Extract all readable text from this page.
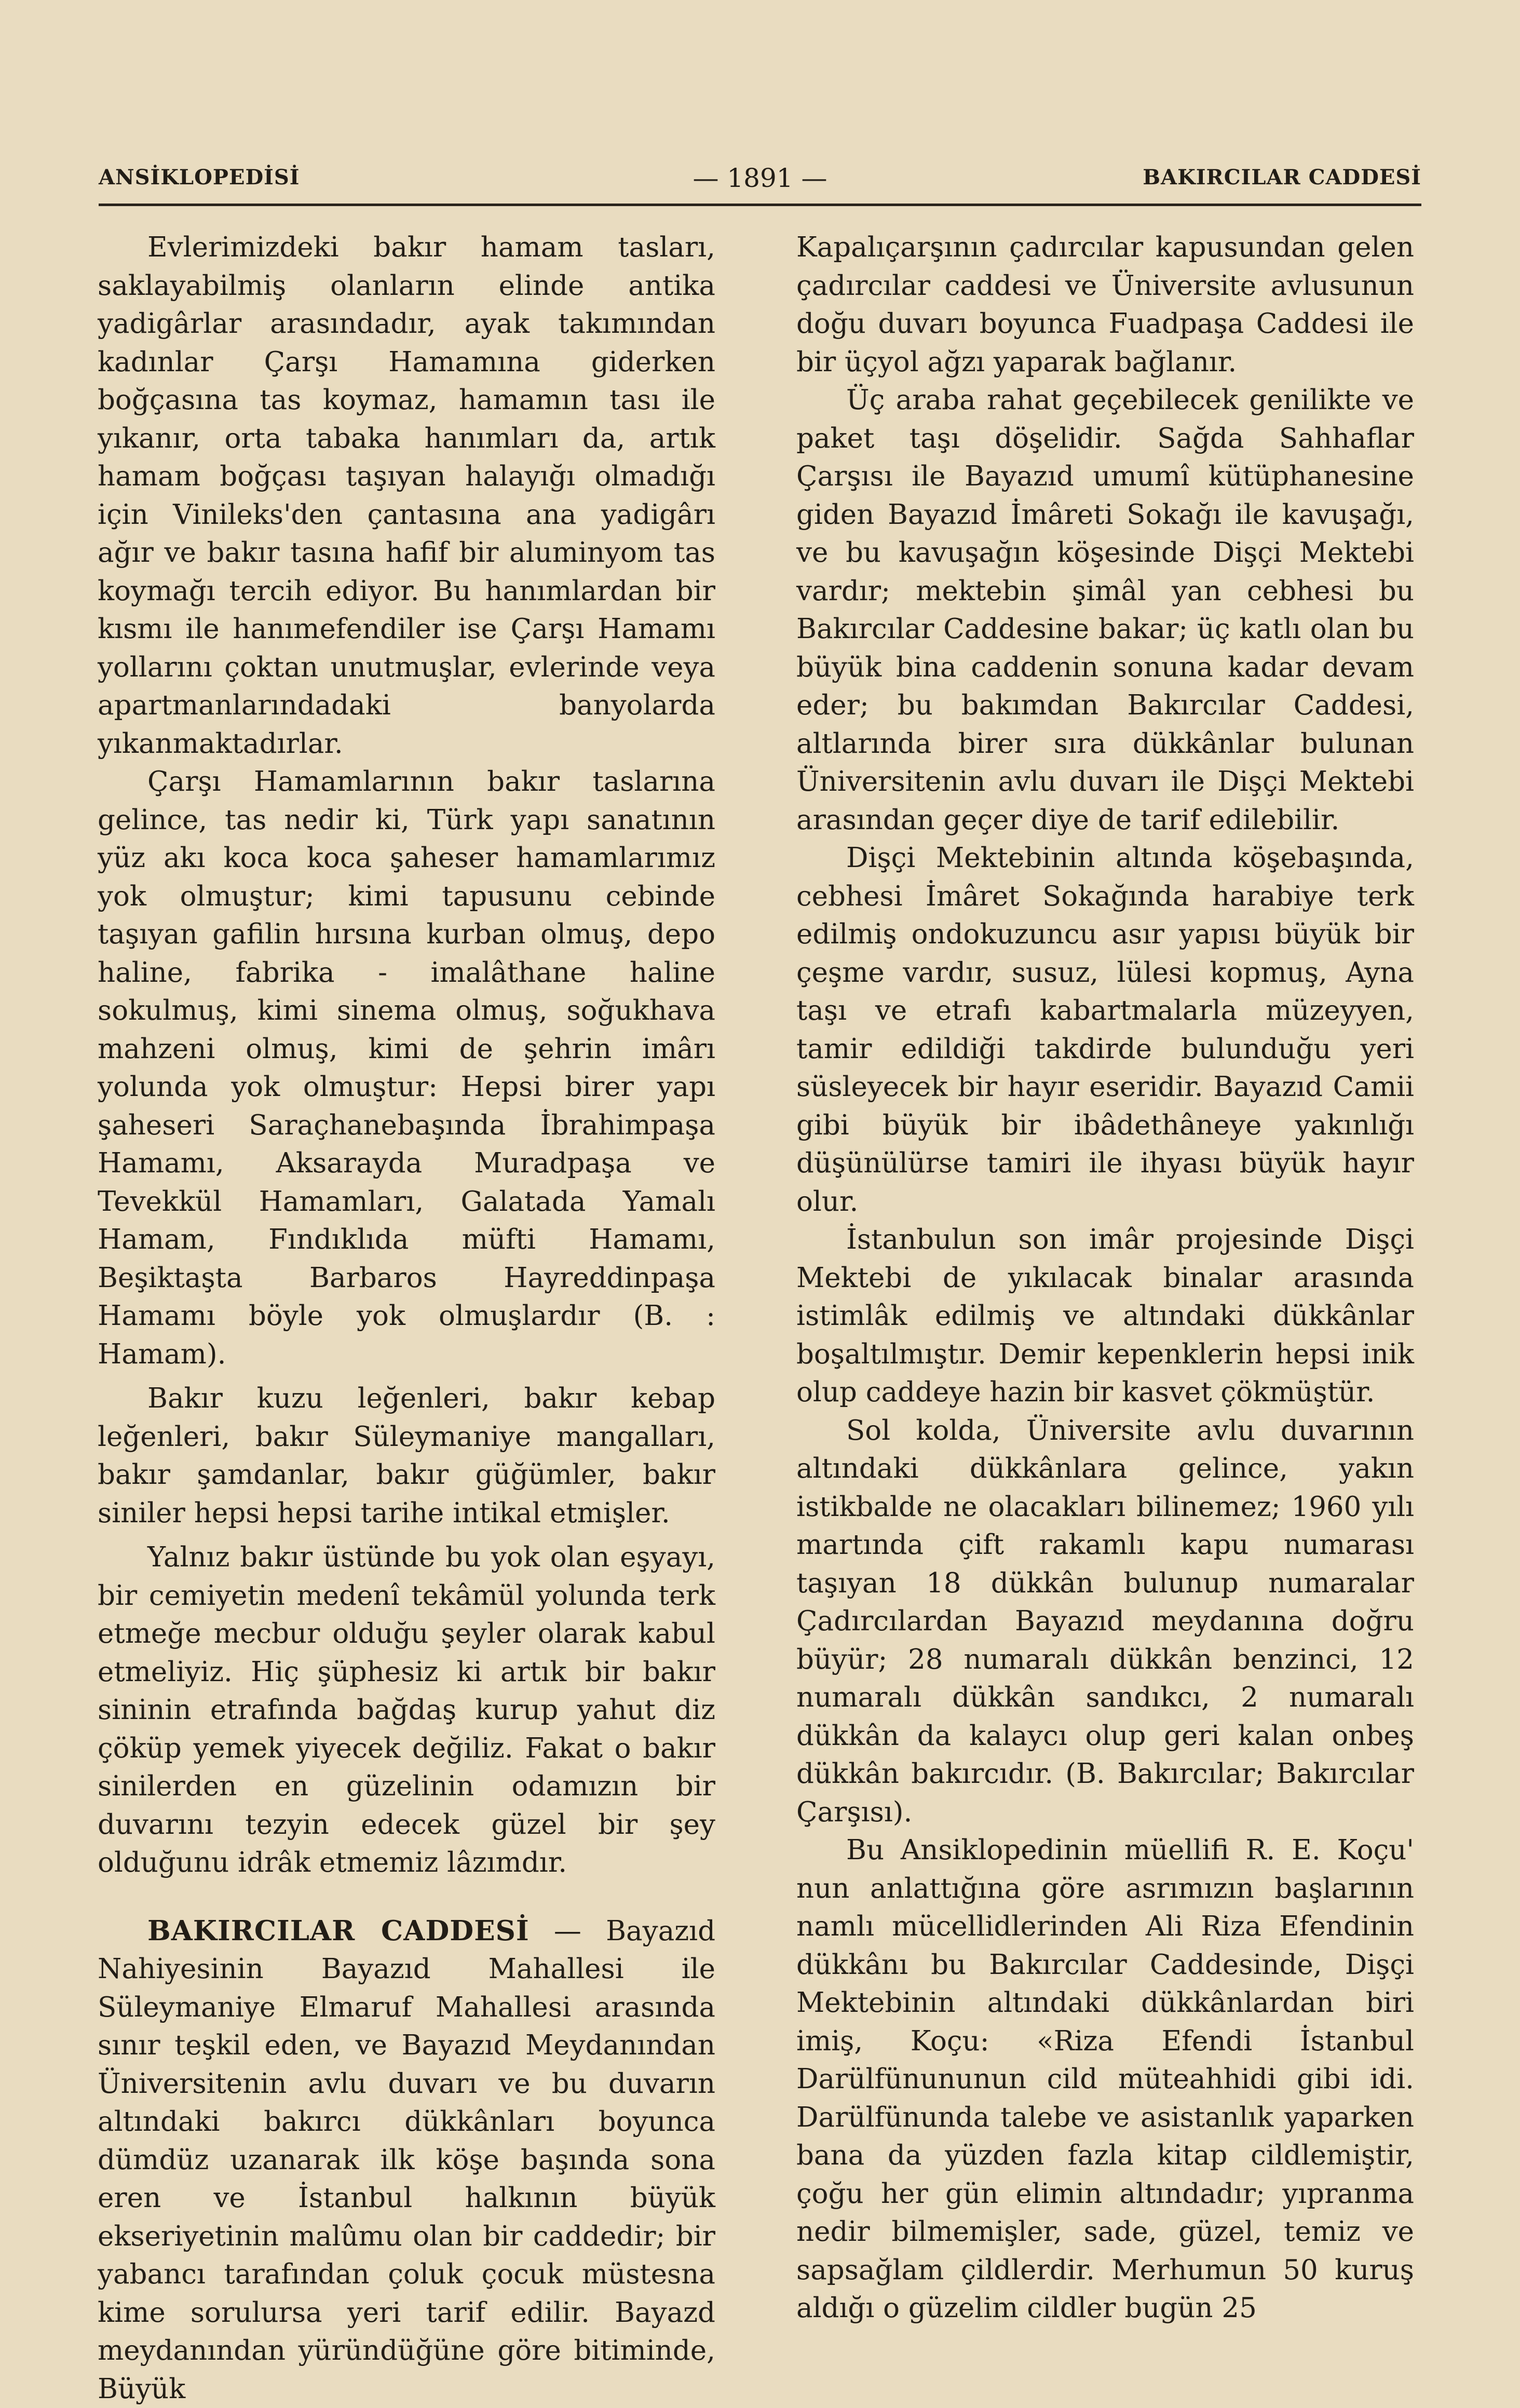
ANSİKLOPEDİSİ	— 1891 —	BAKIRCILAR CADDESİ

Evlerimizdeki bakır hamam tasları, saklayabilmiş olanların elinde antika yadigârlar arasındadır, ayak takımından kadınlar Çarşı Hamamına giderken boğçasına tas koymaz, hamamın tası ile yıkanır, orta tabaka hanımları da, artık hamam boğçası taşıyan halayığı olmadığı için Vinileks'den çantasına ana yadigârı ağır ve bakır tasına hafif bir aluminyom tas koymağı tercih ediyor. Bu hanımlardan bir kısmı ile hanımefendiler ise Çarşı Hamamı yollarını çoktan unutmuşlar, evlerinde veya apartmanlarındadaki banyolarda yıkanmaktadırlar.

Çarşı Hamamlarının bakır taslarına gelince, tas nedir ki, Türk yapı sanatının yüz akı koca koca şaheser hamamlarımız yok olmuştur; kimi tapusunu cebinde taşıyan gafilin hırsına kurban olmuş, depo haline, fabrika - imalâthane haline sokulmuş, kimi sinema olmuş, soğukhava mahzeni olmuş, kimi de şehrin imârı yolunda yok olmuştur: Hepsi birer yapı şaheseri Saraçhanebaşında İbrahimpaşa Hamamı, Aksarayda Muradpaşa ve Tevekkül Hamamları, Galatada Yamalı Hamam, Fındıklıda müfti Hamamı, Beşiktaşta Barbaros Hayreddinpaşa Hamamı böyle yok olmuşlardır (B. : Hamam).

Bakır kuzu leğenleri, bakır kebap leğenleri, bakır Süleymaniye mangalları, bakır şamdanlar, bakır güğümler, bakır siniler hepsi hepsi tarihe intikal etmişler.

Yalnız bakır üstünde bu yok olan eşyayı, bir cemiyetin medenî tekâmül yolunda terk etmeğe mecbur olduğu şeyler olarak kabul etmeliyiz. Hiç şüphesiz ki artık bir bakır sininin etrafında bağdaş kurup yahut diz çöküp yemek yiyecek değiliz. Fakat o bakır sinilerden en güzelinin odamızın bir duvarını tezyin edecek güzel bir şey olduğunu idrâk etmemiz lâzımdır.

BAKIRCILAR CADDESİ — Bayazıd Nahiyesinin Bayazıd Mahallesi ile Süleymaniye Elmaruf Mahallesi arasında sınır teşkil eden, ve Bayazıd Meydanından Üniversitenin avlu duvarı ve bu duvarın altındaki bakırcı dükkânları boyunca dümdüz uzanarak ilk köşe başında sona eren ve İstanbul halkının büyük ekseriyetinin malûmu olan bir caddedir; bir yabancı tarafından çoluk çocuk müstesna kime sorulursa yeri tarif edilir. Bayazd meydanından yüründüğüne göre bitiminde, Büyük

Kapalıçarşının çadırcılar kapusundan gelen çadırcılar caddesi ve Üniversite avlusunun doğu duvarı boyunca Fuadpaşa Caddesi ile bir üçyol ağzı yaparak bağlanır.

Üç araba rahat geçebilecek genilikte ve paket taşı döşelidir. Sağda Sahhaflar Çarşısı ile Bayazıd umumî kütüphanesine giden Bayazıd İmâreti Sokağı ile kavuşağı, ve bu kavuşağın köşesinde Dişçi Mektebi vardır; mektebin şimâl yan cebhesi bu Bakırcılar Caddesine bakar; üç katlı olan bu büyük bina caddenin sonuna kadar devam eder; bu bakımdan Bakırcılar Caddesi, altlarında birer sıra dükkânlar bulunan Üniversitenin avlu duvarı ile Dişçi Mektebi arasından geçer diye de tarif edilebilir.

Dişçi Mektebinin altında köşebaşında, cebhesi İmâret Sokağında harabiye terk edilmiş ondokuzuncu asır yapısı büyük bir çeşme vardır, susuz, lülesi kopmuş, Ayna taşı ve etrafı kabartmalarla müzeyyen, tamir edildiği takdirde bulunduğu yeri süsleyecek bir hayır eseridir. Bayazıd Camii gibi büyük bir ibâdethâneye yakınlığı düşünülürse tamiri ile ihyası büyük hayır olur.

İstanbulun son imâr projesinde Dişçi Mektebi de yıkılacak binalar arasında istimlâk edilmiş ve altındaki dükkânlar boşaltılmıştır. Demir kepenklerin hepsi inik olup caddeye hazin bir kasvet çökmüştür.

Sol kolda, Üniversite avlu duvarının altındaki dükkânlara gelince, yakın istikbalde ne olacakları bilinemez; 1960 yılı martında çift rakamlı kapu numarası taşıyan 18 dükkân bulunup numaralar Çadırcılardan Bayazıd meydanına doğru büyür; 28 numaralı dükkân benzinci, 12 numaralı dükkân sandıkcı, 2 numaralı dükkân da kalaycı olup geri kalan onbeş dükkân bakırcıdır. (B. Bakırcılar; Bakırcılar Çarşısı).

Bu Ansiklopedinin müellifi R. E. Koçu' nun anlattığına göre asrımızın başlarının namlı mücellidlerinden Ali Riza Efendinin dükkânı bu Bakırcılar Caddesinde, Dişçi Mektebinin altındaki dükkânlardan biri imiş, Koçu: «Riza Efendi İstanbul Darülfünununun cild müteahhidi gibi idi. Darülfünunda talebe ve asistanlık yaparken bana da yüzden fazla kitap cildlemiştir, çoğu her gün elimin altındadır; yıpranma nedir bilmemişler, sade, güzel, temiz ve sapsağlam çildlerdir. Merhumun 50 kuruş aldığı o güzelim cildler bugün 25
